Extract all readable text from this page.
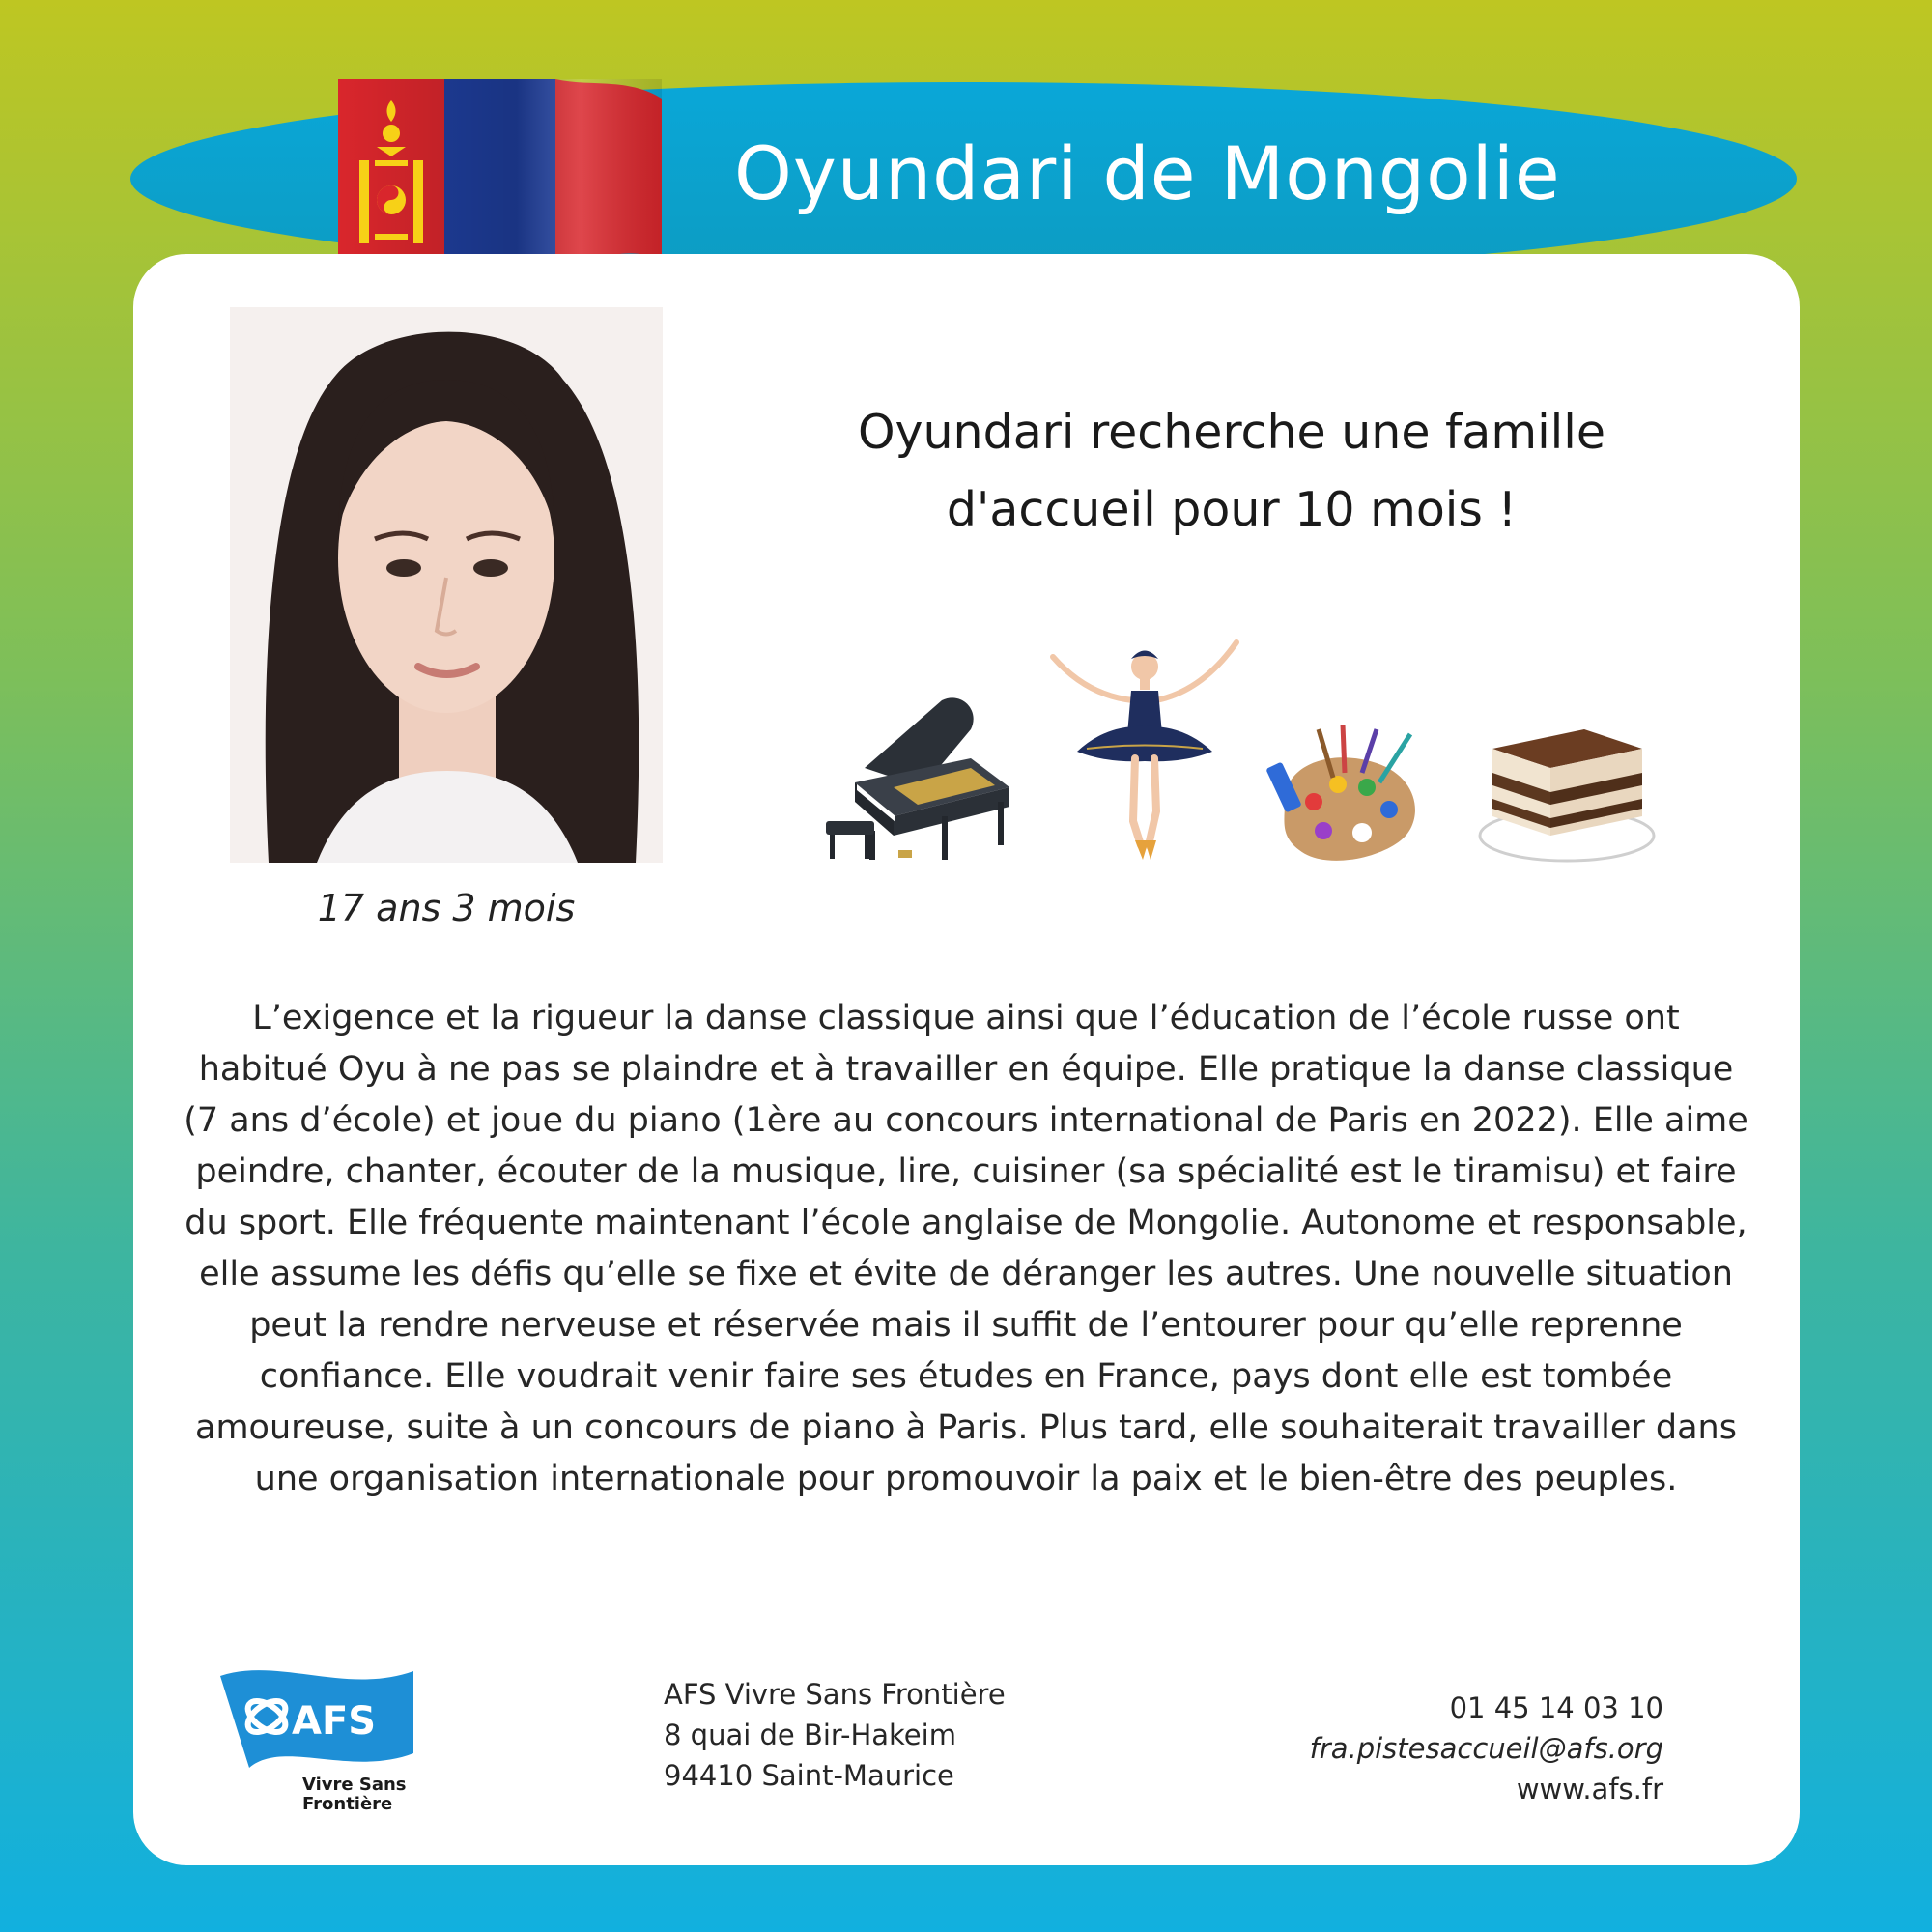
Oyundari de Mongolie
17 ans 3 mois
Oyundari recherche une famille
d'accueil pour 10 mois !
L’exigence et la rigueur la danse classique ainsi que l’éducation de l’école russe ont habitué Oyu à ne pas se plaindre et à travailler en équipe. Elle pratique la danse classique (7 ans d’école) et joue du piano (1ère au concours international de Paris en 2022). Elle aime peindre, chanter, écouter de la musique, lire, cuisiner (sa spécialité est le tiramisu) et faire du sport. Elle fréquente maintenant l’école anglaise de Mongolie. Autonome et responsable, elle assume les défis qu’elle se fixe et évite de déranger les autres. Une nouvelle situation peut la rendre nerveuse et réservée mais il suffit de l’entourer pour qu’elle reprenne confiance. Elle voudrait venir faire ses études en France, pays dont elle est tombée amoureuse, suite à un concours de piano à Paris. Plus tard, elle souhaiterait travailler dans une organisation internationale pour promouvoir la paix et le bien-être des peuples.
AFS
Vivre Sans
Frontière
AFS Vivre Sans Frontière
8 quai de Bir-Hakeim
94410 Saint-Maurice
01 45 14 03 10
fra.pistesaccueil@afs.org
www.afs.fr
